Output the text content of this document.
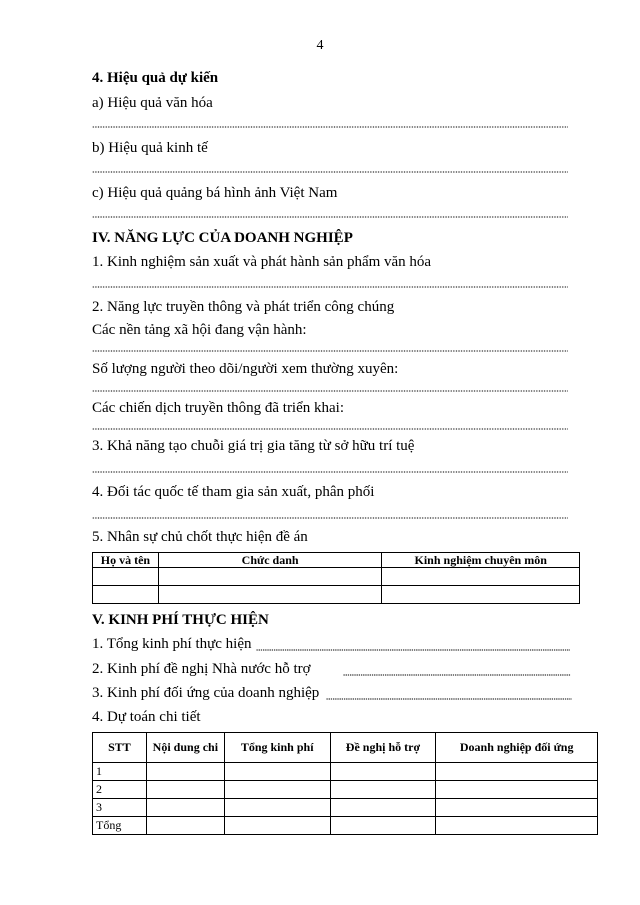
4
4. Hiệu quả dự kiến
a) Hiệu quả văn hóa
b) Hiệu quả kinh tế
c) Hiệu quả quảng bá hình ảnh Việt Nam
IV. NĂNG LỰC CỦA DOANH NGHIỆP
1. Kinh nghiệm sản xuất và phát hành sản phẩm văn hóa
2. Năng lực truyền thông và phát triển công chúng
Các nền tảng xã hội đang vận hành:
Số lượng người theo dõi/người xem thường xuyên:
Các chiến dịch truyền thông đã triển khai:
3. Khả năng tạo chuỗi giá trị gia tăng từ sở hữu trí tuệ
4. Đối tác quốc tế tham gia sản xuất, phân phối
5. Nhân sự chủ chốt thực hiện đề án
Họ và tên	Chức danh	Kinh nghiệm chuyên môn

V. KINH PHÍ THỰC HIỆN
1. Tổng kinh phí thực hiện
2. Kinh phí đề nghị Nhà nước hỗ trợ
3. Kinh phí đối ứng của doanh nghiệp
4. Dự toán chi tiết
STT	Nội dung chi	Tổng kinh phí	Đề nghị hỗ trợ	Doanh nghiệp đối ứng
1				
2				
3				
Tổng				
